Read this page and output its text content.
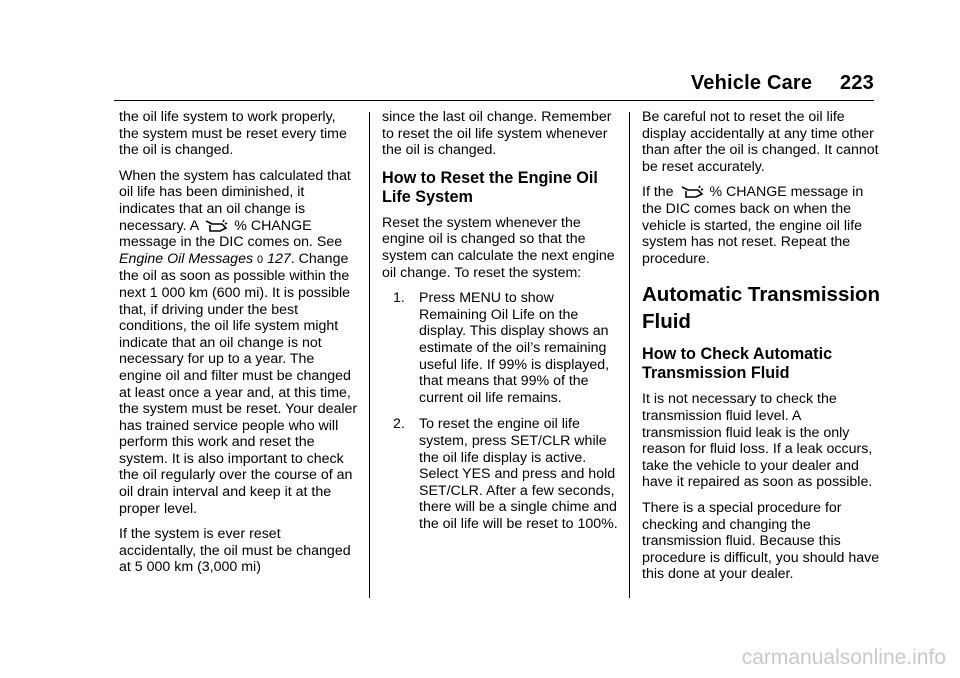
Vehicle Care 223

the oil life system to work properly, the system must be reset every time the oil is changed.

When the system has calculated that oil life has been diminished, it indicates that an oil change is necessary. A	% CHANGE message in the DIC comes on. See Engine Oil Messages 0 127. Change the oil as soon as possible within the next 1 000 km (600 mi). It is possible that, if driving under the best conditions, the oil life system might indicate that an oil change is not necessary for up to a year. The engine oil and filter must be changed at least once a year and, at this time, the system must be reset. Your dealer has trained service people who will perform this work and reset the system. It is also important to check the oil regularly over the course of an oil drain interval and keep it at the proper level.

If the system is ever reset accidentally, the oil must be changed at 5 000 km (3,000 mi)

since the last oil change. Remember to reset the oil life system whenever the oil is changed.

How to Reset the Engine Oil Life System

Reset the system whenever the engine oil is changed so that the system can calculate the next engine oil change. To reset the system:

1. Press MENU to show Remaining Oil Life on the display. This display shows an estimate of the oil’s remaining useful life. If 99% is displayed, that means that 99% of the current oil life remains.
2. To reset the engine oil life system, press SET/CLR while the oil life display is active. Select YES and press and hold SET/CLR. After a few seconds, there will be a single chime and the oil life will be reset to 100%.

Be careful not to reset the oil life display accidentally at any time other than after the oil is changed. It cannot be reset accurately.

If the	% CHANGE message in the DIC comes back on when the vehicle is started, the engine oil life system has not reset. Repeat the procedure.

Automatic Transmission Fluid
How to Check Automatic Transmission Fluid

It is not necessary to check the transmission fluid level. A transmission fluid leak is the only reason for fluid loss. If a leak occurs, take the vehicle to your dealer and have it repaired as soon as possible.

There is a special procedure for checking and changing the transmission fluid. Because this procedure is difficult, you should have this done at your dealer.

carmanualsonline.info
